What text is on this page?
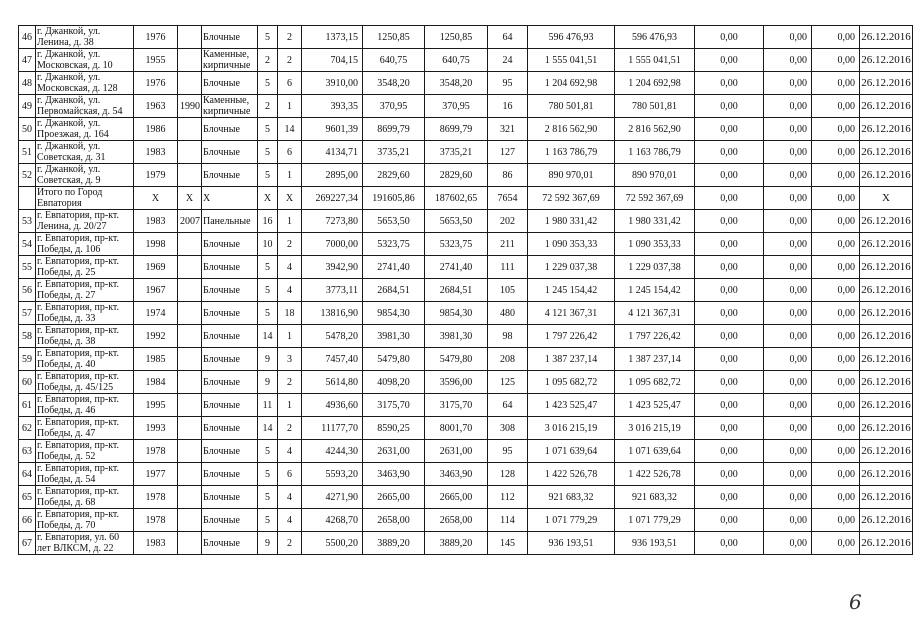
46	г. Джанкой, ул. Ленина, д. 38	1976		Блочные	5	2	1373,15	1250,85	1250,85	64	596 476,93	596 476,93	0,00	0,00	0,00	26.12.2016
47	г. Джанкой, ул. Московская, д. 10	1955		Каменные, кирпичные	2	2	704,15	640,75	640,75	24	1 555 041,51	1 555 041,51	0,00	0,00	0,00	26.12.2016
48	г. Джанкой, ул. Московская, д. 128	1976		Блочные	5	6	3910,00	3548,20	3548,20	95	1 204 692,98	1 204 692,98	0,00	0,00	0,00	26.12.2016
49	г. Джанкой, ул. Первомайская, д. 54	1963	1990	Каменные, кирпичные	2	1	393,35	370,95	370,95	16	780 501,81	780 501,81	0,00	0,00	0,00	26.12.2016
50	г. Джанкой, ул. Проезжая, д. 164	1986		Блочные	5	14	9601,39	8699,79	8699,79	321	2 816 562,90	2 816 562,90	0,00	0,00	0,00	26.12.2016
51	г. Джанкой, ул. Советская, д. 31	1983		Блочные	5	6	4134,71	3735,21	3735,21	127	1 163 786,79	1 163 786,79	0,00	0,00	0,00	26.12.2016
52	г. Джанкой, ул. Советская, д. 9	1979		Блочные	5	1	2895,00	2829,60	2829,60	86	890 970,01	890 970,01	0,00	0,00	0,00	26.12.2016
	Итого по Город Евпатория	X	X	X	X	X	269227,34	191605,86	187602,65	7654	72 592 367,69	72 592 367,69	0,00	0,00	0,00	X
53	г. Евпатория, пр-кт. Ленина, д. 20/27	1983	2007	Панельные	16	1	7273,80	5653,50	5653,50	202	1 980 331,42	1 980 331,42	0,00	0,00	0,00	26.12.2016
54	г. Евпатория, пр-кт. Победы, д. 106	1998		Блочные	10	2	7000,00	5323,75	5323,75	211	1 090 353,33	1 090 353,33	0,00	0,00	0,00	26.12.2016
55	г. Евпатория, пр-кт. Победы, д. 25	1969		Блочные	5	4	3942,90	2741,40	2741,40	111	1 229 037,38	1 229 037,38	0,00	0,00	0,00	26.12.2016
56	г. Евпатория, пр-кт. Победы, д. 27	1967		Блочные	5	4	3773,11	2684,51	2684,51	105	1 245 154,42	1 245 154,42	0,00	0,00	0,00	26.12.2016
57	г. Евпатория, пр-кт. Победы, д. 33	1974		Блочные	5	18	13816,90	9854,30	9854,30	480	4 121 367,31	4 121 367,31	0,00	0,00	0,00	26.12.2016
58	г. Евпатория, пр-кт. Победы, д. 38	1992		Блочные	14	1	5478,20	3981,30	3981,30	98	1 797 226,42	1 797 226,42	0,00	0,00	0,00	26.12.2016
59	г. Евпатория, пр-кт. Победы, д. 40	1985		Блочные	9	3	7457,40	5479,80	5479,80	208	1 387 237,14	1 387 237,14	0,00	0,00	0,00	26.12.2016
60	г. Евпатория, пр-кт. Победы, д. 45/125	1984		Блочные	9	2	5614,80	4098,20	3596,00	125	1 095 682,72	1 095 682,72	0,00	0,00	0,00	26.12.2016
61	г. Евпатория, пр-кт. Победы, д. 46	1995		Блочные	11	1	4936,60	3175,70	3175,70	64	1 423 525,47	1 423 525,47	0,00	0,00	0,00	26.12.2016
62	г. Евпатория, пр-кт. Победы, д. 47	1993		Блочные	14	2	11177,70	8590,25	8001,70	308	3 016 215,19	3 016 215,19	0,00	0,00	0,00	26.12.2016
63	г. Евпатория, пр-кт. Победы, д. 52	1978		Блочные	5	4	4244,30	2631,00	2631,00	95	1 071 639,64	1 071 639,64	0,00	0,00	0,00	26.12.2016
64	г. Евпатория, пр-кт. Победы, д. 54	1977		Блочные	5	6	5593,20	3463,90	3463,90	128	1 422 526,78	1 422 526,78	0,00	0,00	0,00	26.12.2016
65	г. Евпатория, пр-кт. Победы, д. 68	1978		Блочные	5	4	4271,90	2665,00	2665,00	112	921 683,32	921 683,32	0,00	0,00	0,00	26.12.2016
66	г. Евпатория, пр-кт. Победы, д. 70	1978		Блочные	5	4	4268,70	2658,00	2658,00	114	1 071 779,29	1 071 779,29	0,00	0,00	0,00	26.12.2016
67	г. Евпатория, ул. 60 лет ВЛКСМ, д. 22	1983		Блочные	9	2	5500,20	3889,20	3889,20	145	936 193,51	936 193,51	0,00	0,00	0,00	26.12.2016
6
